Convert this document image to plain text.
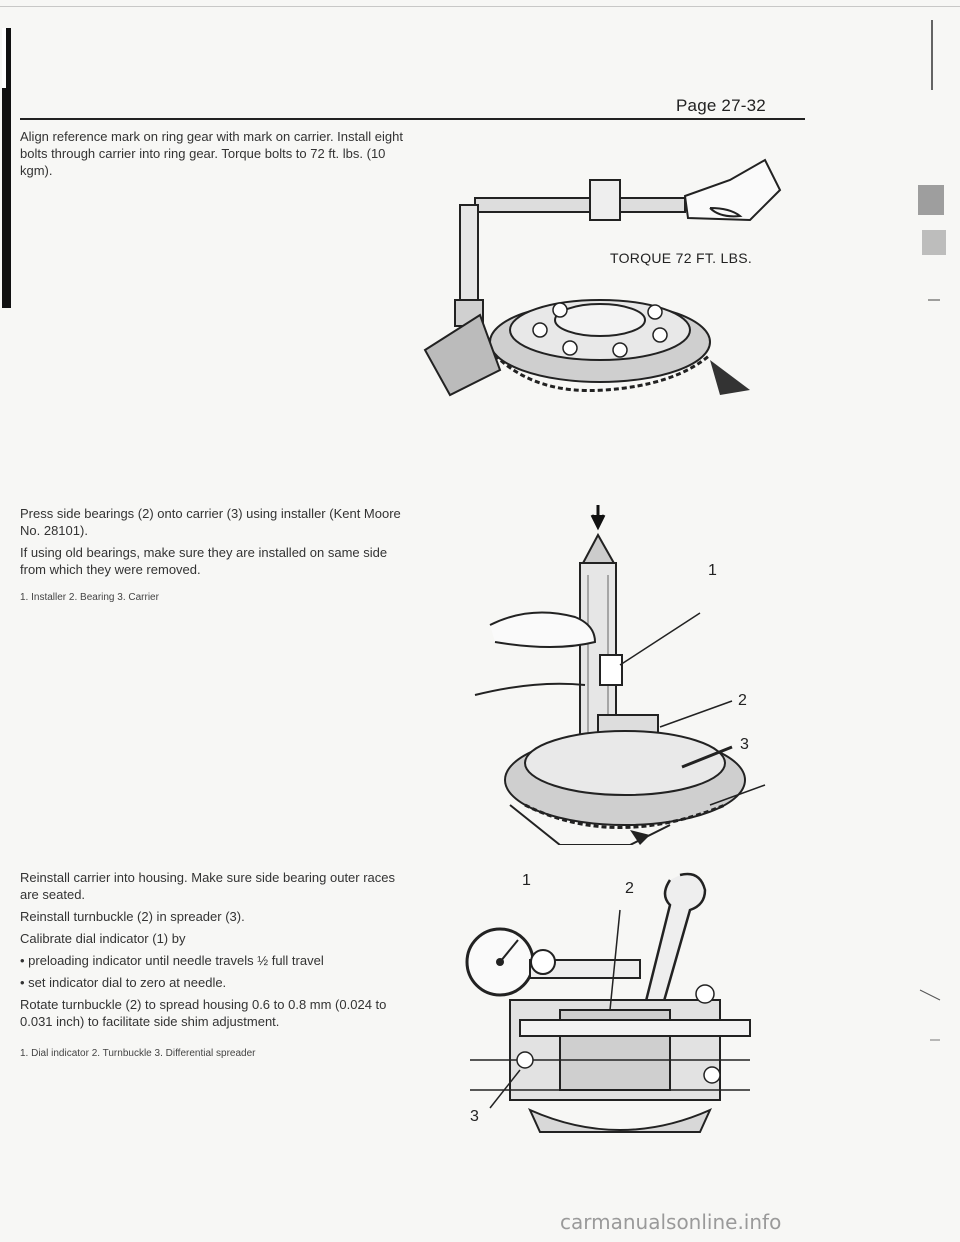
Page 27-32
Align reference mark on ring gear with mark on carrier. Install eight bolts through carrier into ring gear. Torque bolts to 72 ft. lbs. (10 kgm).
TORQUE 72 FT. LBS.
Press side bearings (2) onto carrier (3) using installer (Kent Moore No. 28101).
If using old bearings, make sure they are installed on same side from which they were removed.
1. Installer 2. Bearing 3. Carrier
1
2
3
Reinstall carrier into housing. Make sure side bearing outer races are seated.
Reinstall turnbuckle (2) in spreader (3).
Calibrate dial indicator (1) by
• preloading indicator until needle travels ½ full travel
• set indicator dial to zero at needle.
Rotate turnbuckle (2) to spread housing 0.6 to 0.8 mm (0.024 to 0.031 inch) to facilitate side shim adjustment.
1. Dial indicator 2. Turnbuckle 3. Differential spreader
1	2
3
carmanualsonline.info
